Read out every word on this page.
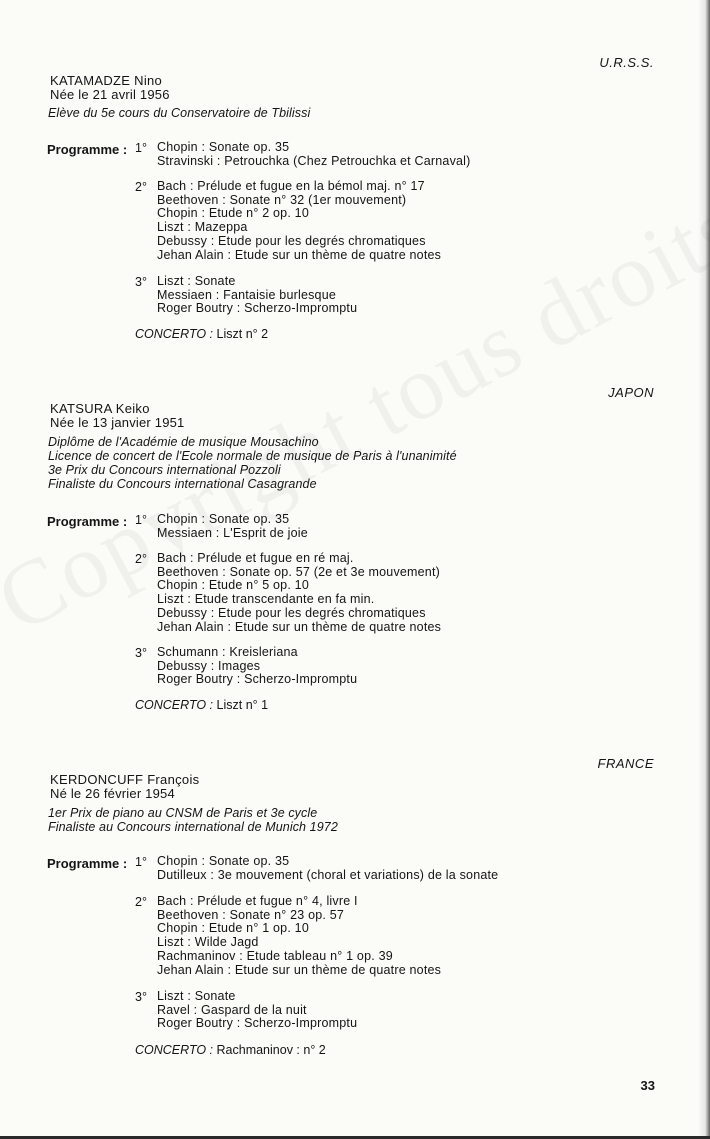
U.R.S.S.
KATAMADZE Nino
Née le 21 avril 1956
Elève du 5e cours du Conservatoire de Tbilissi
Programme : 1° Chopin : Sonate op. 35
Stravinski : Petrouchka (Chez Petrouchka et Carnaval)
2° Bach : Prélude et fugue en la bémol maj. n° 17
Beethoven : Sonate n° 32 (1er mouvement)
Chopin : Etude n° 2 op. 10
Liszt : Mazeppa
Debussy : Etude pour les degrés chromatiques
Jehan Alain : Etude sur un thème de quatre notes
3° Liszt : Sonate
Messiaen : Fantaisie burlesque
Roger Boutry : Scherzo-Impromptu
CONCERTO : Liszt n° 2
JAPON
KATSURA Keiko
Née le 13 janvier 1951
Diplôme de l'Académie de musique Mousachino
Licence de concert de l'Ecole normale de musique de Paris à l'unanimité
3e Prix du Concours international Pozzoli
Finaliste du Concours international Casagrande
Programme : 1° Chopin : Sonate op. 35
Messiaen : L'Esprit de joie
2° Bach : Prélude et fugue en ré maj.
Beethoven : Sonate op. 57 (2e et 3e mouvement)
Chopin : Etude n° 5 op. 10
Liszt : Etude transcendante en fa min.
Debussy : Etude pour les degrés chromatiques
Jehan Alain : Etude sur un thème de quatre notes
3° Schumann : Kreisleriana
Debussy : Images
Roger Boutry : Scherzo-Impromptu
CONCERTO : Liszt n° 1
FRANCE
KERDONCUFF François
Né le 26 février 1954
1er Prix de piano au CNSM de Paris et 3e cycle
Finaliste au Concours international de Munich 1972
Programme : 1° Chopin : Sonate op. 35
Dutilleux : 3e mouvement (choral et variations) de la sonate
2° Bach : Prélude et fugue n° 4, livre I
Beethoven : Sonate n° 23 op. 57
Chopin : Etude n° 1 op. 10
Liszt : Wilde Jagd
Rachmaninov : Etude tableau n° 1 op. 39
Jehan Alain : Etude sur un thème de quatre notes
3° Liszt : Sonate
Ravel : Gaspard de la nuit
Roger Boutry : Scherzo-Impromptu
CONCERTO : Rachmaninov : n° 2
33
